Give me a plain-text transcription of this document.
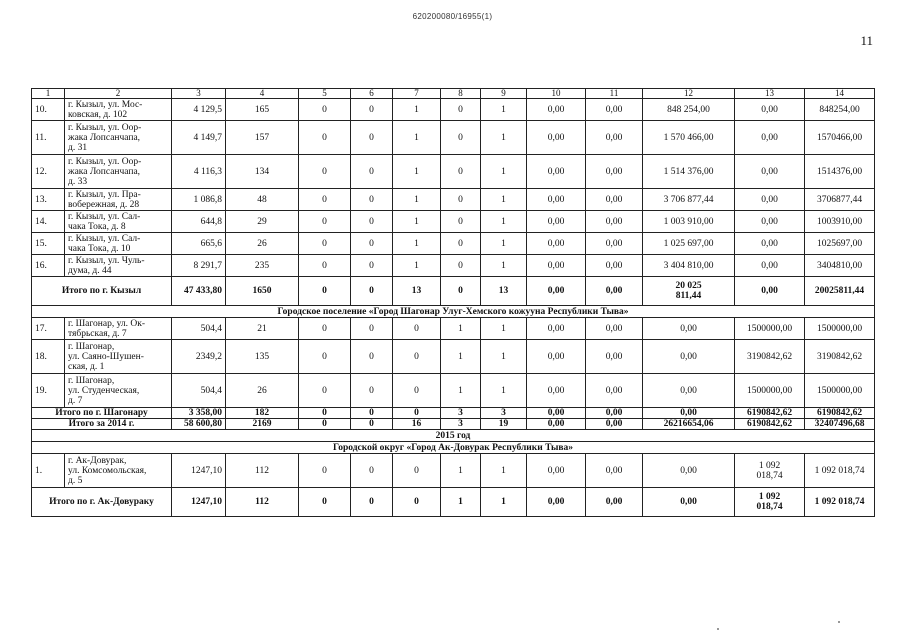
620200080/16955(1)
11
1	2	3	4	5	6	7	8	9	10	11	12	13	14
10.	г. Кызыл, ул. Мос-
ковская, д. 102	4 129,5	165	0	0	1	0	1	0,00	0,00	848 254,00	0,00	848254,00
11.	г. Кызыл, ул. Оор-
жака Лопсанчапа,
д. 31	4 149,7	157	0	0	1	0	1	0,00	0,00	1 570 466,00	0,00	1570466,00
12.	г. Кызыл, ул. Оор-
жака Лопсанчапа,
д. 33	4 116,3	134	0	0	1	0	1	0,00	0,00	1 514 376,00	0,00	1514376,00
13.	г. Кызыл, ул. Пра-
вобережная, д. 28	1 086,8	48	0	0	1	0	1	0,00	0,00	3 706 877,44	0,00	3706877,44
14.	г. Кызыл, ул. Сал-
чака Тока, д. 8	644,8	29	0	0	1	0	1	0,00	0,00	1 003 910,00	0,00	1003910,00
15.	г. Кызыл, ул. Сал-
чака Тока, д. 10	665,6	26	0	0	1	0	1	0,00	0,00	1 025 697,00	0,00	1025697,00
16.	г. Кызыл, ул. Чуль-
дума, д. 44	8 291,7	235	0	0	1	0	1	0,00	0,00	3 404 810,00	0,00	3404810,00
Итого по г. Кызыл		47 433,80	1650	0	0	13	0	13	0,00	0,00	20 025
811,44	0,00	20025811,44
Городское поселение «Город Шагонар Улуг-Хемского кожууна Республики Тыва»													
17.	г. Шагонар, ул. Ок-
тябрьская, д. 7	504,4	21	0	0	0	1	1	0,00	0,00	0,00	1500000,00	1500000,00
18.	г. Шагонар,
ул. Саяно-Шушен-
ская, д. 1	2349,2	135	0	0	0	1	1	0,00	0,00	0,00	3190842,62	3190842,62
19.	г. Шагонар,
ул. Студенческая,
д. 7	504,4	26	0	0	0	1	1	0,00	0,00	0,00	1500000,00	1500000,00
Итого по г. Шагонару		3 358,00	182	0	0	0	3	3	0,00	0,00	0,00	6190842,62	6190842,62
Итого за 2014 г.		58 600,80	2169	0	0	16	3	19	0,00	0,00	26216654,06	6190842,62	32407496,68
2015 год													
Городской округ «Город Ак-Довурак Республики Тыва»													
1.	г. Ак-Довурак,
ул. Комсомольская,
д. 5	1247,10	112	0	0	0	1	1	0,00	0,00	0,00	1 092
018,74	1 092 018,74
Итого по г. Ак-Довураку		1247,10	112	0	0	0	1	1	0,00	0,00	0,00	1 092
018,74	1 092 018,74
